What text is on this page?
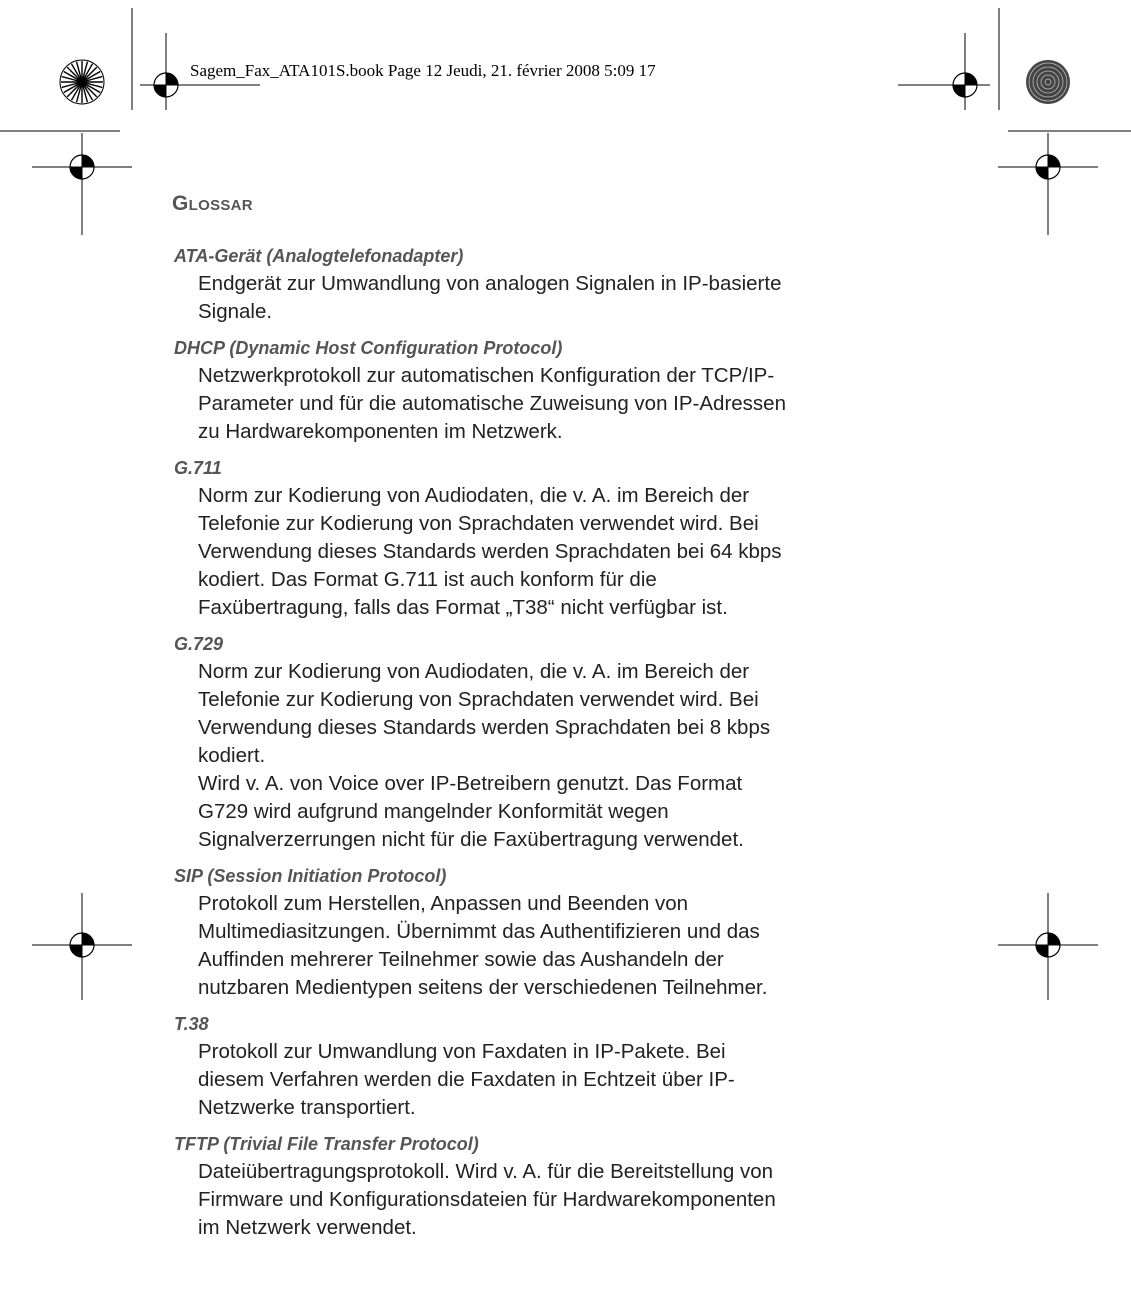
Sagem_Fax_ATA101S.book Page 12 Jeudi, 21. février 2008 5:09 17
Glossar
ATA-Gerät (Analogtelefonadapter)
Endgerät zur Umwandlung von analogen Signalen in IP-basierte
Signale.
DHCP (Dynamic Host Configuration Protocol)
Netzwerkprotokoll zur automatischen Konfiguration der TCP/IP-
Parameter und für die automatische Zuweisung von IP-Adressen
zu Hardwarekomponenten im Netzwerk.
G.711
Norm zur Kodierung von Audiodaten, die v. A. im Bereich der
Telefonie zur Kodierung von Sprachdaten verwendet wird. Bei
Verwendung dieses Standards werden Sprachdaten bei 64 kbps
kodiert. Das Format G.711 ist auch konform für die
Faxübertragung, falls das Format „T38“ nicht verfügbar ist.
G.729
Norm zur Kodierung von Audiodaten, die v. A. im Bereich der
Telefonie zur Kodierung von Sprachdaten verwendet wird. Bei
Verwendung dieses Standards werden Sprachdaten bei 8 kbps
kodiert.
Wird v. A. von Voice over IP-Betreibern genutzt. Das Format
G729 wird aufgrund mangelnder Konformität wegen
Signalverzerrungen nicht für die Faxübertragung verwendet.
SIP (Session Initiation Protocol)
Protokoll zum Herstellen, Anpassen und Beenden von
Multimediasitzungen. Übernimmt das Authentifizieren und das
Auffinden mehrerer Teilnehmer sowie das Aushandeln der
nutzbaren Medientypen seitens der verschiedenen Teilnehmer.
T.38
Protokoll zur Umwandlung von Faxdaten in IP-Pakete. Bei
diesem Verfahren werden die Faxdaten in Echtzeit über IP-
Netzwerke transportiert.
TFTP (Trivial File Transfer Protocol)
Dateiübertragungsprotokoll. Wird v. A. für die Bereitstellung von
Firmware und Konfigurationsdateien für Hardwarekomponenten
im Netzwerk verwendet.
